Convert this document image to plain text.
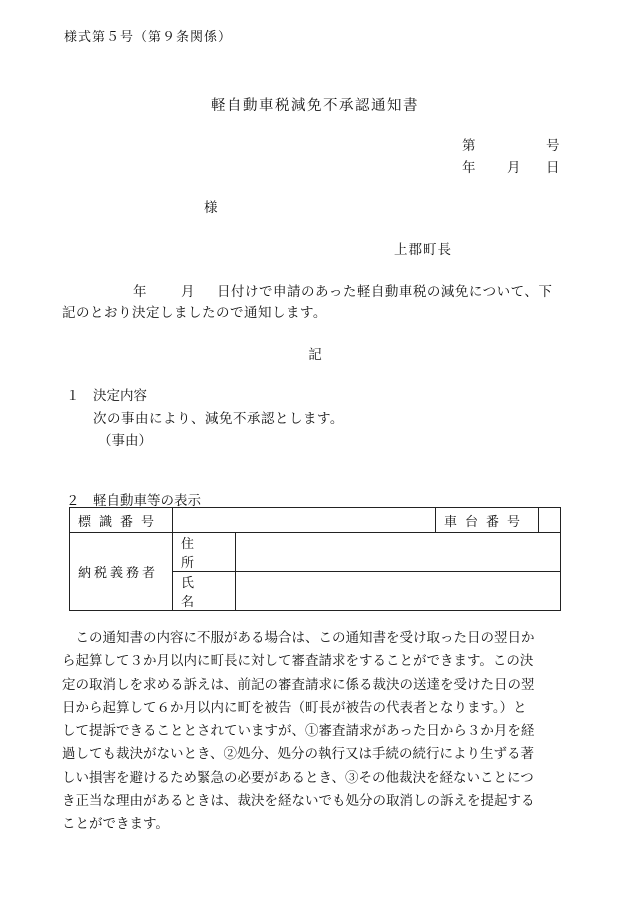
様式第５号（第９条関係）
軽自動車税減免不承認通知書
第	号
年 月 日
様
上郡町長
年	月 日付けで申請のあった軽自動車税の減免について、下
記のとおり決定しましたので通知します。
記
１ 決定内容
次の事由により、減免不承認とします。
（事由）
２ 軽自動車等の表示
標識番号			車台番号	
納税義務者	住　所			
	氏　名			
　この通知書の内容に不服がある場合は、この通知書を受け取った日の翌日か
ら起算して３か月以内に町長に対して審査請求をすることができます。この決
定の取消しを求める訴えは、前記の審査請求に係る裁決の送達を受けた日の翌
日から起算して６か月以内に町を被告（町長が被告の代表者となります。）と
して提訴できることとされていますが、①審査請求があった日から３か月を経
過しても裁決がないとき、②処分、処分の執行又は手続の続行により生ずる著
しい損害を避けるため緊急の必要があるとき、③その他裁決を経ないことにつ
き正当な理由があるときは、裁決を経ないでも処分の取消しの訴えを提起する
ことができます。
